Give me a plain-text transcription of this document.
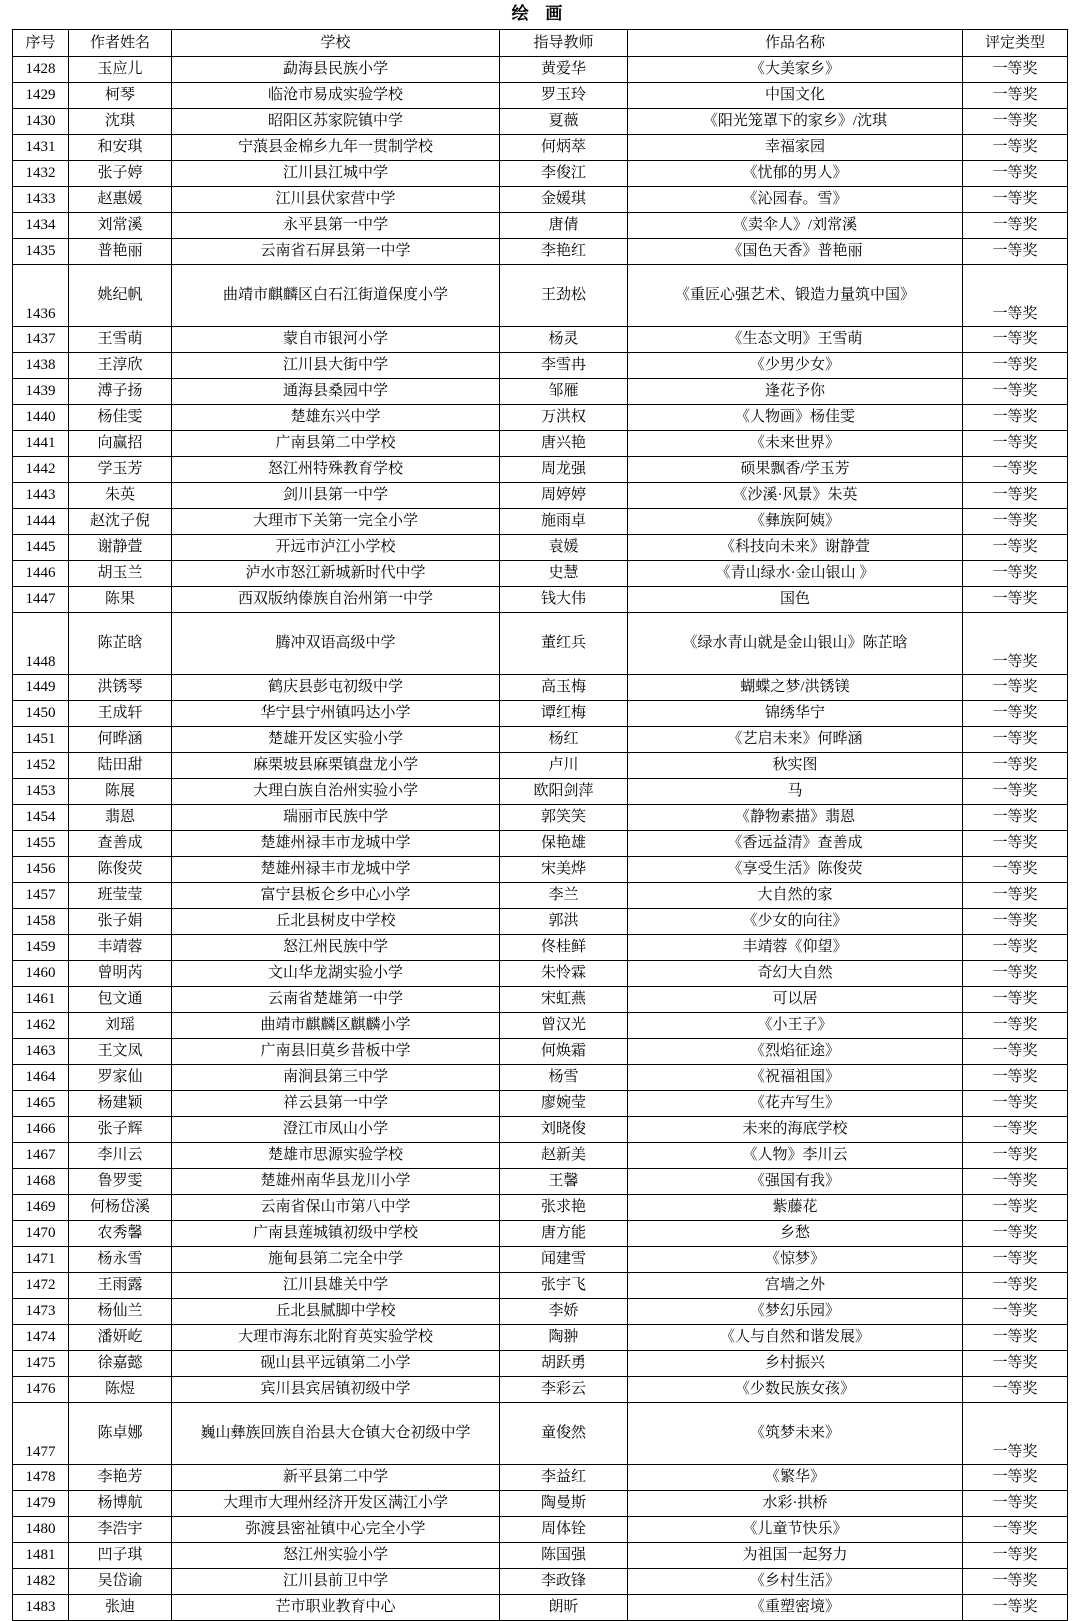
绘 画
序号	作者姓名	学校	指导教师	作品名称	评定类型
1428	玉应儿	勐海县民族小学	黄爱华	《大美家乡》	一等奖
1429	柯琴	临沧市易成实验学校	罗玉玲	中国文化	一等奖
1430	沈琪	昭阳区苏家院镇中学	夏薇	《阳光笼罩下的家乡》/沈琪	一等奖
1431	和安琪	宁蒗县金棉乡九年一贯制学校	何炳萃	幸福家园	一等奖
1432	张子婷	江川县江城中学	李俊江	《忧郁的男人》	一等奖
1433	赵惠媛	江川县伏家营中学	金媛琪	《沁园春。雪》	一等奖
1434	刘常溪	永平县第一中学	唐倩	《卖伞人》/刘常溪	一等奖
1435	普艳丽	云南省石屏县第一中学	李艳红	《国色天香》普艳丽	一等奖
1436	姚纪帆	曲靖市麒麟区白石江街道保度小学	王劲松	《重匠心强艺术、锻造力量筑中国》	一等奖
1437	王雪萌	蒙自市银河小学	杨灵	《生态文明》王雪萌	一等奖
1438	王淳欣	江川县大街中学	李雪冉	《少男少女》	一等奖
1439	溥子扬	通海县桑园中学	邹雁	逢花予你	一等奖
1440	杨佳雯	楚雄东兴中学	万洪权	《人物画》杨佳雯	一等奖
1441	向赢招	广南县第二中学校	唐兴艳	《未来世界》	一等奖
1442	学玉芳	怒江州特殊教育学校	周龙强	硕果飘香/学玉芳	一等奖
1443	朱英	剑川县第一中学	周婷婷	《沙溪·风景》朱英	一等奖
1444	赵沈子倪	大理市下关第一完全小学	施雨卓	《彝族阿姨》	一等奖
1445	谢静萱	开远市泸江小学校	袁媛	《科技向未来》谢静萱	一等奖
1446	胡玉兰	泸水市怒江新城新时代中学	史慧	《青山绿水·金山银山 》	一等奖
1447	陈果	西双版纳傣族自治州第一中学	钱大伟	国色	一等奖
1448	陈芷晗	腾冲双语高级中学	董红兵	《绿水青山就是金山银山》陈芷晗	一等奖
1449	洪锈琴	鹤庆县彭屯初级中学	高玉梅	蝴蝶之梦/洪锈镁	一等奖
1450	王成轩	华宁县宁州镇吗达小学	谭红梅	锦绣华宁	一等奖
1451	何晔涵	楚雄开发区实验小学	杨红	《艺启未来》何晔涵	一等奖
1452	陆田甜	麻栗坡县麻栗镇盘龙小学	卢川	秋实图	一等奖
1453	陈展	大理白族自治州实验小学	欧阳剑萍	马	一等奖
1454	翡恩	瑞丽市民族中学	郭笑笑	《静物素描》翡恩	一等奖
1455	查善成	楚雄州禄丰市龙城中学	保艳雄	《香远益清》查善成	一等奖
1456	陈俊荧	楚雄州禄丰市龙城中学	宋美烨	《享受生活》陈俊荧	一等奖
1457	班莹莹	富宁县板仑乡中心小学	李兰	大自然的家	一等奖
1458	张子娟	丘北县树皮中学校	郭洪	《少女的向往》	一等奖
1459	丰靖蓉	怒江州民族中学	佟桂鲜	丰靖蓉《仰望》	一等奖
1460	曾明芮	文山华龙湖实验小学	朱怜霖	奇幻大自然	一等奖
1461	包文通	云南省楚雄第一中学	宋虹燕	可以居	一等奖
1462	刘瑶	曲靖市麒麟区麒麟小学	曾汉光	《小王子》	一等奖
1463	王文凤	广南县旧莫乡昔板中学	何焕霜	《烈焰征途》	一等奖
1464	罗家仙	南涧县第三中学	杨雪	《祝福祖国》	一等奖
1465	杨建颖	祥云县第一中学	廖婉莹	《花卉写生》	一等奖
1466	张子辉	澄江市凤山小学	刘晓俊	未来的海底学校	一等奖
1467	李川云	楚雄市思源实验学校	赵新美	《人物》李川云	一等奖
1468	鲁罗雯	楚雄州南华县龙川小学	王馨	《强国有我》	一等奖
1469	何杨岱溪	云南省保山市第八中学	张求艳	紫藤花	一等奖
1470	农秀馨	广南县莲城镇初级中学校	唐方能	乡愁	一等奖
1471	杨永雪	施甸县第二完全中学	闻建雪	《惊梦》	一等奖
1472	王雨露	江川县雄关中学	张宇飞	宫墙之外	一等奖
1473	杨仙兰	丘北县腻脚中学校	李娇	《梦幻乐园》	一等奖
1474	潘妍屹	大理市海东北附育英实验学校	陶翀	《人与自然和谐发展》	一等奖
1475	徐嘉懿	砚山县平远镇第二小学	胡跃勇	乡村振兴	一等奖
1476	陈煜	宾川县宾居镇初级中学	李彩云	《少数民族女孩》	一等奖
1477	陈卓娜	巍山彝族回族自治县大仓镇大仓初级中学	童俊然	《筑梦未来》	一等奖
1478	李艳芳	新平县第二中学	李益红	《繁华》	一等奖
1479	杨博航	大理市大理州经济开发区满江小学	陶曼斯	水彩·拱桥	一等奖
1480	李浩宇	弥渡县密祉镇中心完全小学	周体铨	《儿童节快乐》	一等奖
1481	凹子琪	怒江州实验小学	陈国强	为祖国一起努力	一等奖
1482	吴岱谕	江川县前卫中学	李政锋	《乡村生活》	一等奖
1483	张迪	芒市职业教育中心	朗昕	《重塑密境》	一等奖
